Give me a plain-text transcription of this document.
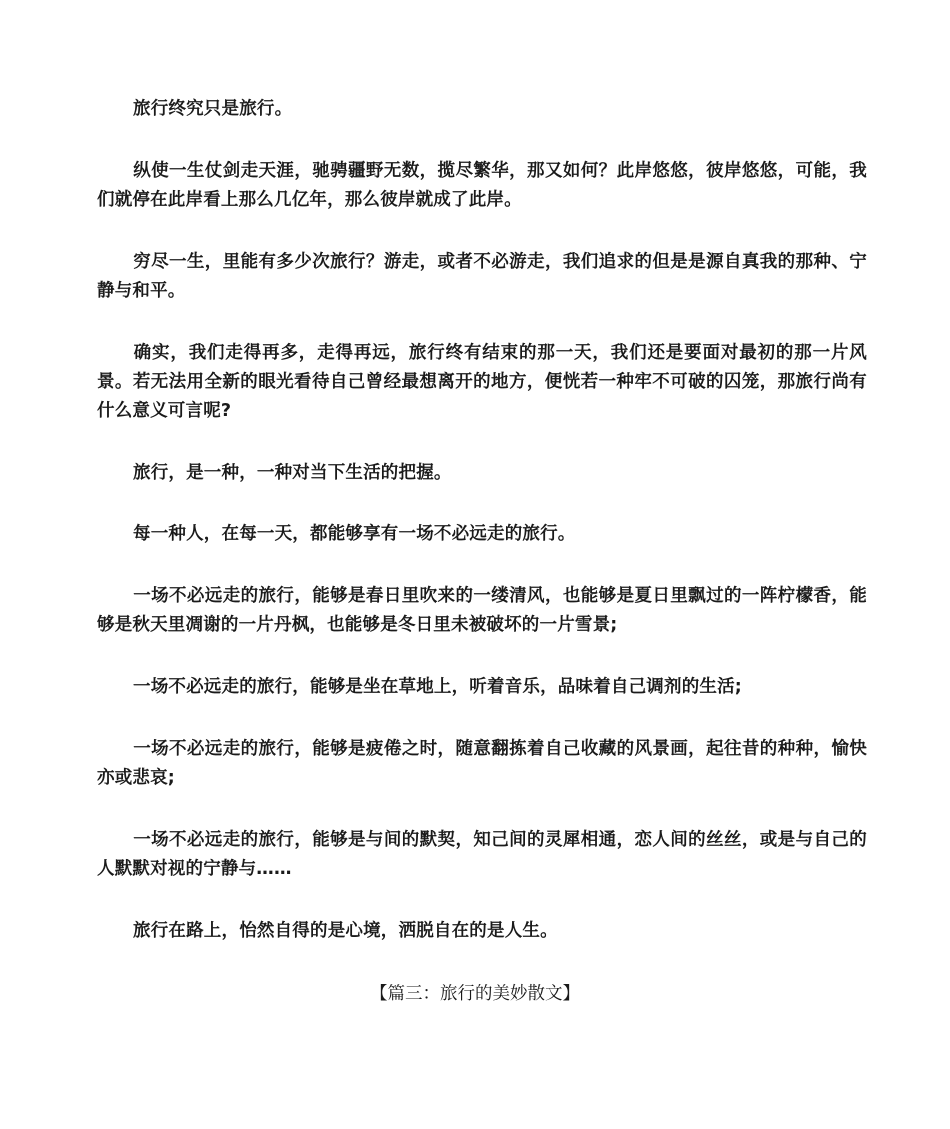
旅行终究只是旅行。

纵使一生仗剑走天涯，驰骋疆野无数，揽尽繁华，那又如何？此岸悠悠，彼岸悠悠，可能，我们就停在此岸看上那么几亿年，那么彼岸就成了此岸。

穷尽一生，里能有多少次旅行？游走，或者不必游走，我们追求的但是是源自真我的那种、宁静与和平。

确实，我们走得再多，走得再远，旅行终有结束的那一天，我们还是要面对最初的那一片风景。若无法用全新的眼光看待自己曾经最想离开的地方，便恍若一种牢不可破的囚笼，那旅行尚有什么意义可言呢?

旅行，是一种，一种对当下生活的把握。

每一种人，在每一天，都能够享有一场不必远走的旅行。

一场不必远走的旅行，能够是春日里吹来的一缕清风，也能够是夏日里飘过的一阵柠檬香，能够是秋天里凋谢的一片丹枫，也能够是冬日里未被破坏的一片雪景;

一场不必远走的旅行，能够是坐在草地上，听着音乐，品味着自己调剂的生活;

一场不必远走的旅行，能够是疲倦之时，随意翻拣着自己收藏的风景画，起往昔的种种，愉快亦或悲哀;

一场不必远走的旅行，能够是与间的默契，知己间的灵犀相通，恋人间的丝丝，或是与自己的人默默对视的宁静与……

旅行在路上，怡然自得的是心境，洒脱自在的是人生。

【篇三：旅行的美妙散文】
